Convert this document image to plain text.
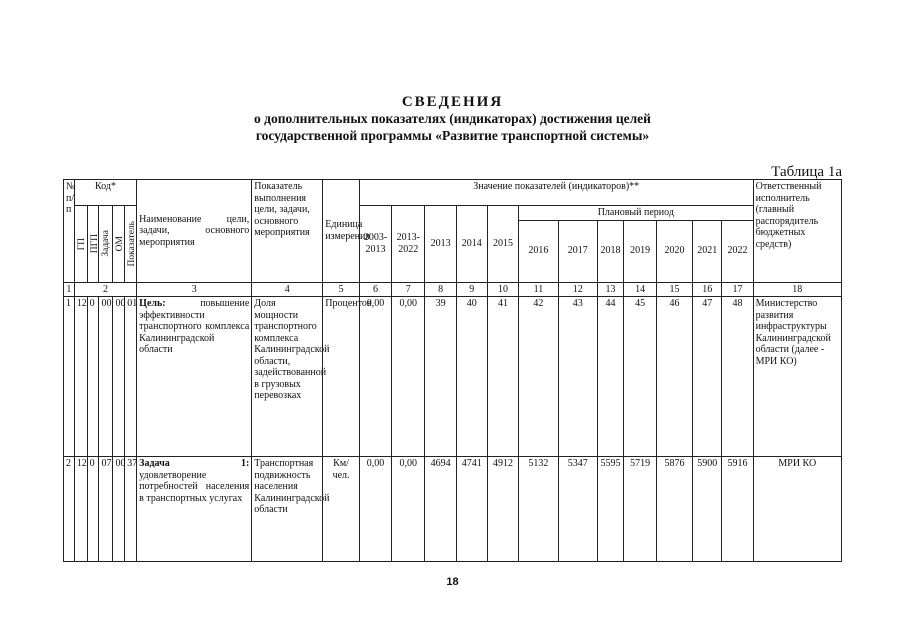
СВЕДЕНИЯ
о дополнительных показателях (индикаторах) достижения целей
государственной программы «Развитие транспортной системы»
Таблица 1а
№ п/п	Код*					Наименование цели, задачи, основного мероприятия	Показатель выполнения цели, задачи, основного мероприятия	Единица измерения	Значение показателей (индикаторов)**												Ответственный исполнитель (главный распорядитель бюджетных средств)

	ГП	ПГП	Задача	ОМ	Показатель				2003-2013	2013-2022	2013	2014	2015	Плановый период							
														2016	2017	2018	2019	2020	2021	2022	
1	2					3	4	5	6	7	8	9	10	11	12	13	14	15	16	17	18
1	12	0	00	00	01	Цель: повышение эффективности транспортного комплекса Калининградской области	Доля мощности транспортного комплекса Калининградской области, задействованной в грузовых перевозках	Процентов	0,00	0,00	39	40	41	42	43	44	45	46	47	48	Министерство развития инфраструктуры Калининградской области (далее - МРИ КО)
2	12	0	07	00	37	Задача 1: удовлетворение потребностей населения в транспортных услугах	Транспортная подвижность населения Калининградской области	Км/чел.	0,00	0,00	4694	4741	4912	5132	5347	5595	5719	5876	5900	5916	МРИ КО
18
